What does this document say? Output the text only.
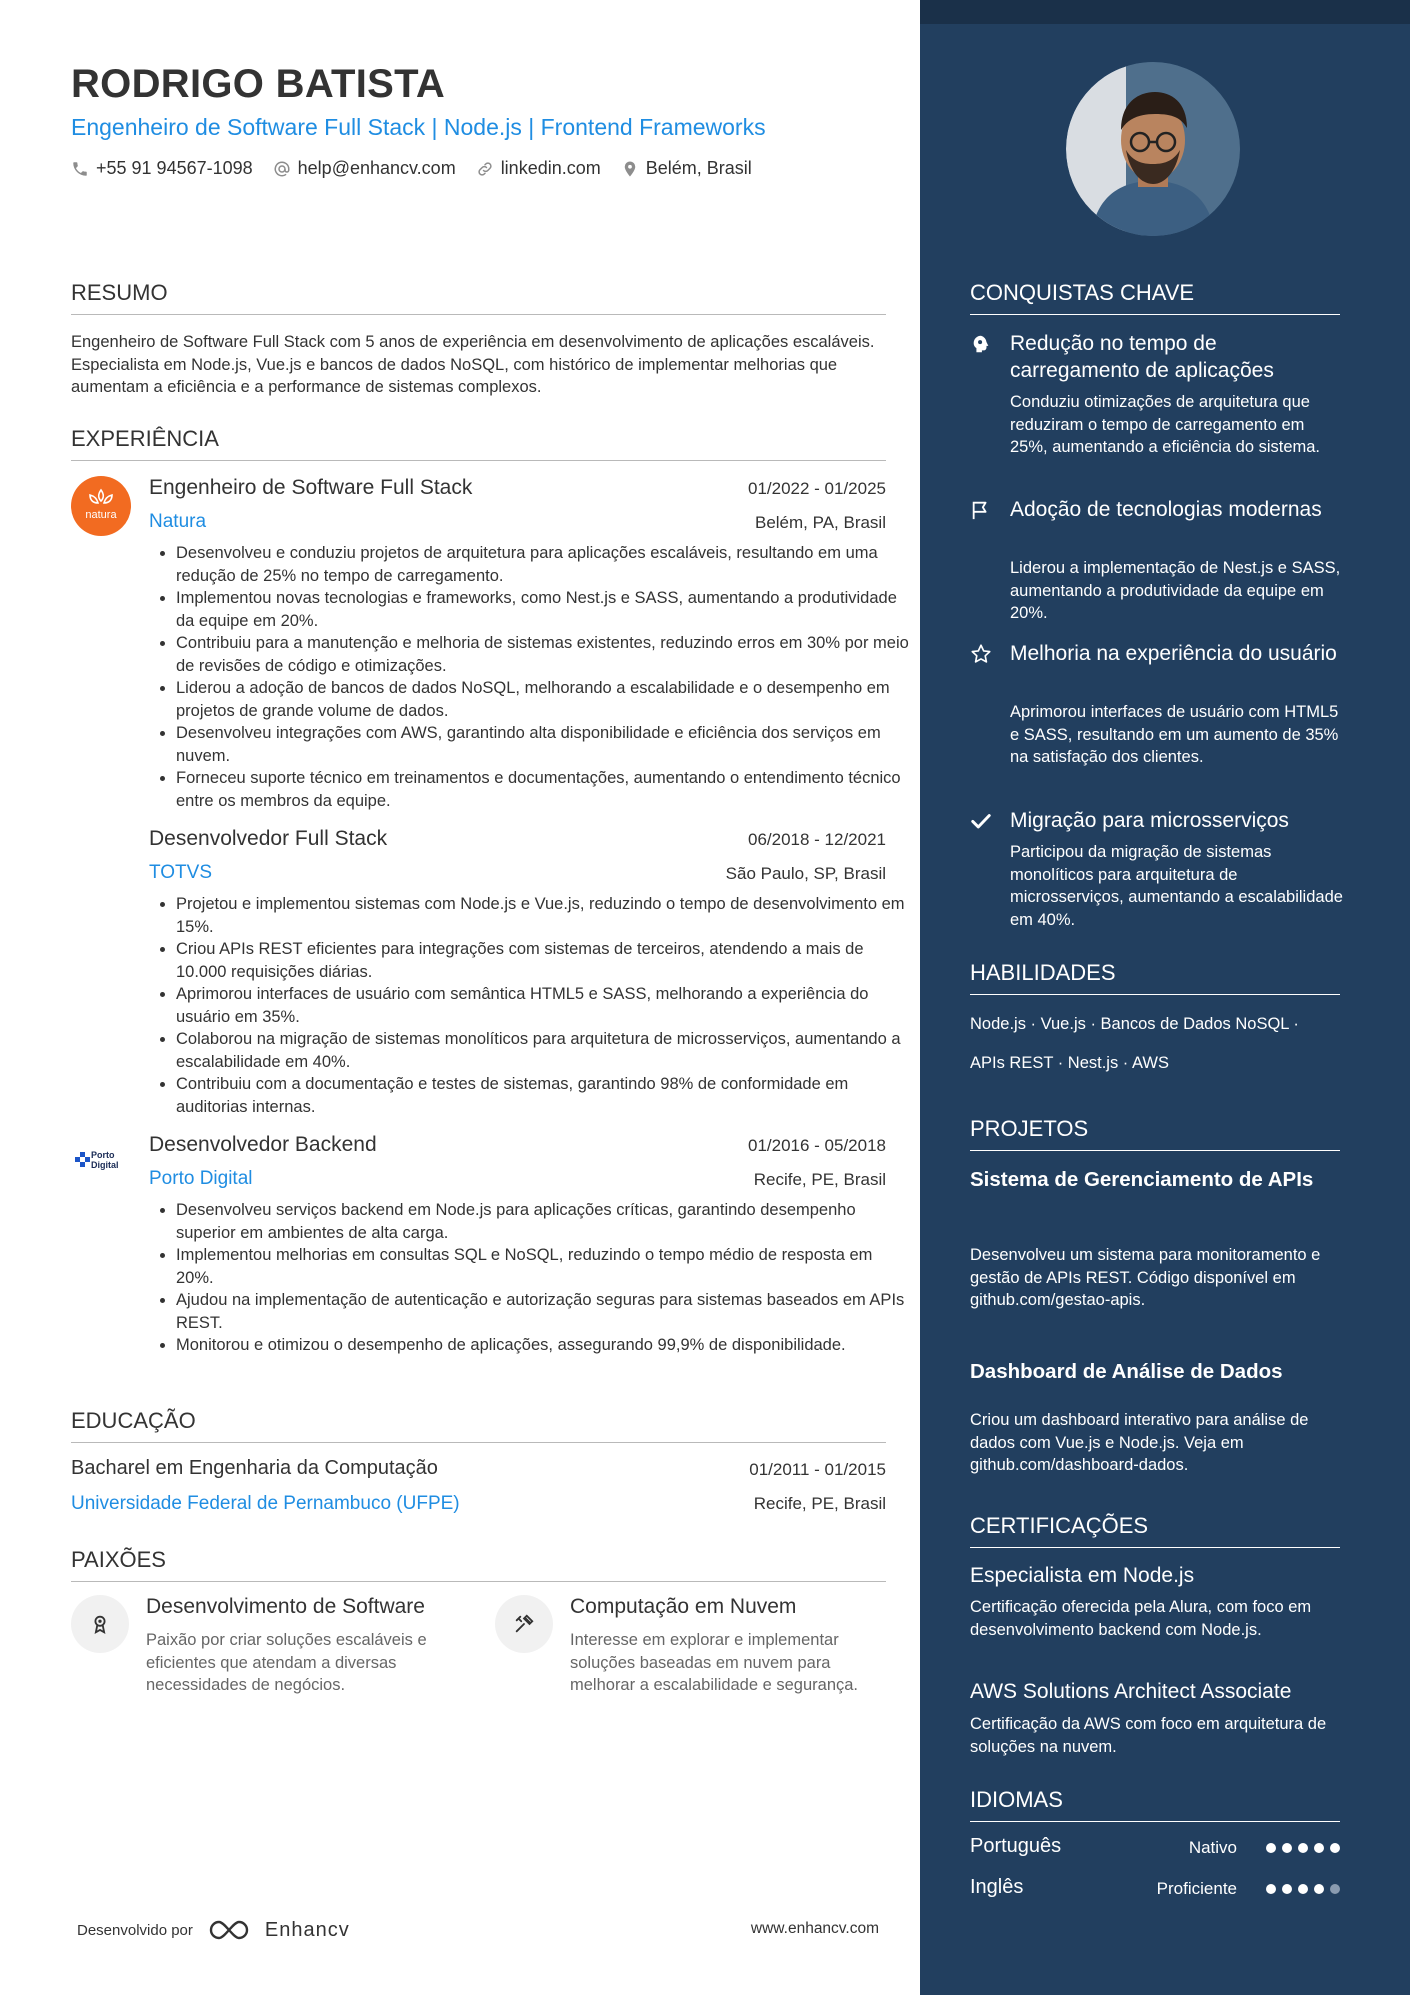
RODRIGO BATISTA
Engenheiro de Software Full Stack | Node.js | Frontend Frameworks
+55 91 94567-1098	help@enhancv.com	linkedin.com	Belém, Brasil
RESUMO
Engenheiro de Software Full Stack com 5 anos de experiência em desenvolvimento de aplicações escaláveis. Especialista em Node.js, Vue.js e bancos de dados NoSQL, com histórico de implementar melhorias que aumentam a eficiência e a performance de sistemas complexos.
EXPERIÊNCIA
natura
Engenheiro de Software Full Stack	01/2022 - 01/2025
Natura	Belém, PA, Brasil
• Desenvolveu e conduziu projetos de arquitetura para aplicações escaláveis, resultando em uma redução de 25% no tempo de carregamento.
• Implementou novas tecnologias e frameworks, como Nest.js e SASS, aumentando a produtividade da equipe em 20%.
• Contribuiu para a manutenção e melhoria de sistemas existentes, reduzindo erros em 30% por meio de revisões de código e otimizações.
• Liderou a adoção de bancos de dados NoSQL, melhorando a escalabilidade e o desempenho em projetos de grande volume de dados.
• Desenvolveu integrações com AWS, garantindo alta disponibilidade e eficiência dos serviços em nuvem.
• Forneceu suporte técnico em treinamentos e documentações, aumentando o entendimento técnico entre os membros da equipe.
Desenvolvedor Full Stack	06/2018 - 12/2021
TOTVS	São Paulo, SP, Brasil
• Projetou e implementou sistemas com Node.js e Vue.js, reduzindo o tempo de desenvolvimento em 15%.
• Criou APIs REST eficientes para integrações com sistemas de terceiros, atendendo a mais de 10.000 requisições diárias.
• Aprimorou interfaces de usuário com semântica HTML5 e SASS, melhorando a experiência do usuário em 35%.
• Colaborou na migração de sistemas monolíticos para arquitetura de microsserviços, aumentando a escalabilidade em 40%.
• Contribuiu com a documentação e testes de sistemas, garantindo 98% de conformidade em auditorias internas.
Porto
Digital
Desenvolvedor Backend	01/2016 - 05/2018
Porto Digital	Recife, PE, Brasil
• Desenvolveu serviços backend em Node.js para aplicações críticas, garantindo desempenho superior em ambientes de alta carga.
• Implementou melhorias em consultas SQL e NoSQL, reduzindo o tempo médio de resposta em 20%.
• Ajudou na implementação de autenticação e autorização seguras para sistemas baseados em APIs REST.
• Monitorou e otimizou o desempenho de aplicações, assegurando 99,9% de disponibilidade.
EDUCAÇÃO
Bacharel em Engenharia da Computação	01/2011 - 01/2015
Universidade Federal de Pernambuco (UFPE)	Recife, PE, Brasil
PAIXÕES
Desenvolvimento de Software
Paixão por criar soluções escaláveis e eficientes que atendam a diversas necessidades de negócios.
Computação em Nuvem
Interesse em explorar e implementar soluções baseadas em nuvem para melhorar a escalabilidade e segurança.
Desenvolvido por	Enhancv	www.enhancv.com
CONQUISTAS CHAVE
Redução no tempo de carregamento de aplicações
Conduziu otimizações de arquitetura que reduziram o tempo de carregamento em 25%, aumentando a eficiência do sistema.
Adoção de tecnologias modernas
Liderou a implementação de Nest.js e SASS, aumentando a produtividade da equipe em 20%.
Melhoria na experiência do usuário
Aprimorou interfaces de usuário com HTML5 e SASS, resultando em um aumento de 35% na satisfação dos clientes.
Migração para microsserviços
Participou da migração de sistemas monolíticos para arquitetura de microsserviços, aumentando a escalabilidade em 40%.
HABILIDADES
Node.js · Vue.js · Bancos de Dados NoSQL ·
APIs REST · Nest.js · AWS
PROJETOS
Sistema de Gerenciamento de APIs
Desenvolveu um sistema para monitoramento e gestão de APIs REST. Código disponível em github.com/gestao-apis.
Dashboard de Análise de Dados
Criou um dashboard interativo para análise de dados com Vue.js e Node.js. Veja em github.com/dashboard-dados.
CERTIFICAÇÕES
Especialista em Node.js
Certificação oferecida pela Alura, com foco em desenvolvimento backend com Node.js.
AWS Solutions Architect Associate
Certificação da AWS com foco em arquitetura de soluções na nuvem.
IDIOMAS
Português	Nativo
Inglês	Proficiente
